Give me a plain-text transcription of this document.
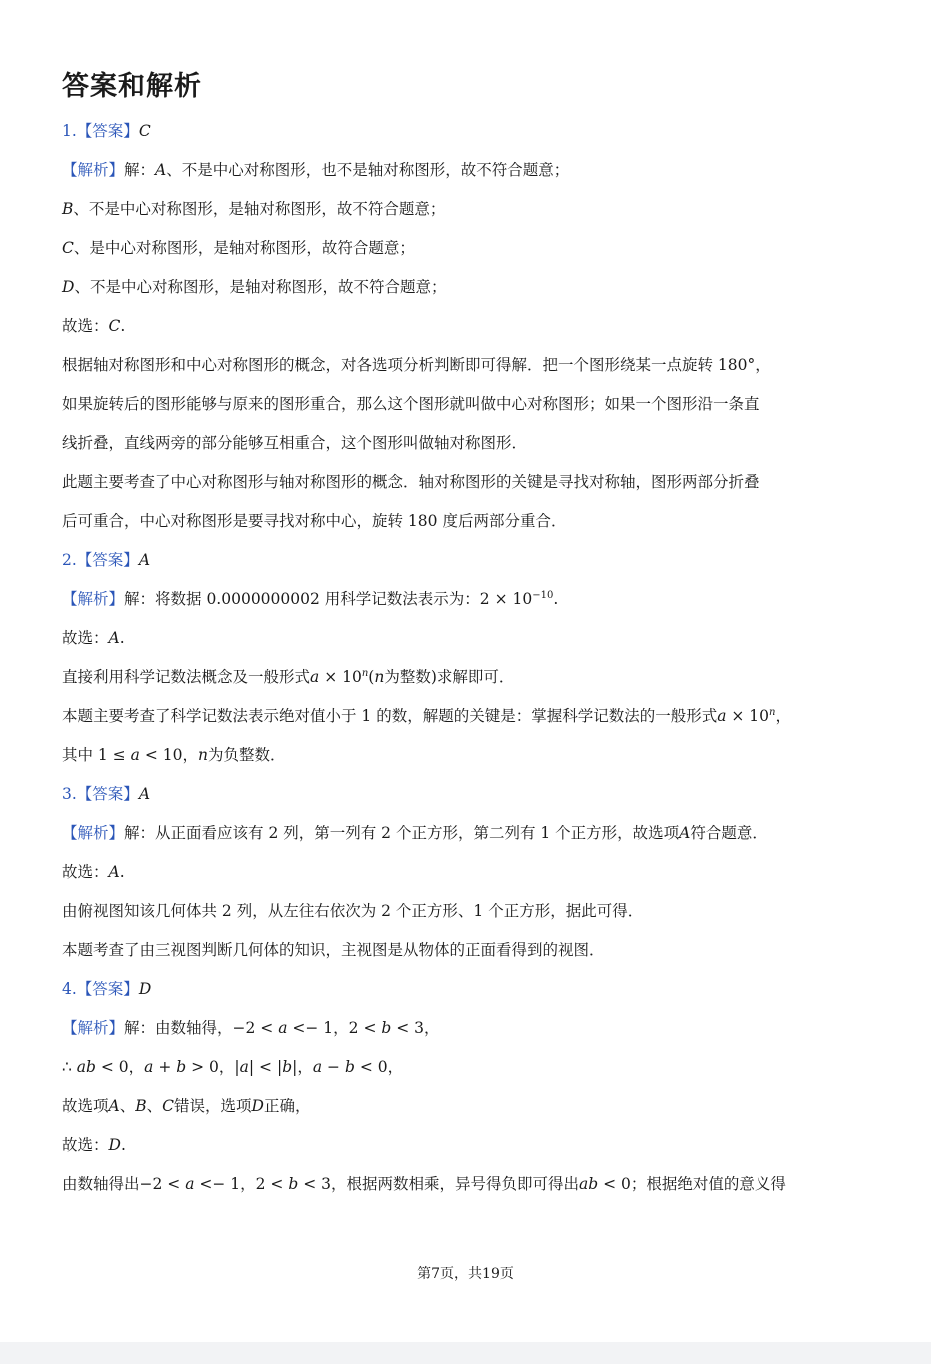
答案和解析
1.【答案】C
【解析】解：A、不是中心对称图形，也不是轴对称图形，故不符合题意；
B、不是中心对称图形，是轴对称图形，故不符合题意；
C、是中心对称图形，是轴对称图形，故符合题意；
D、不是中心对称图形，是轴对称图形，故不符合题意；
故选：C.
根据轴对称图形和中心对称图形的概念，对各选项分析判断即可得解．把一个图形绕某一点旋转 180°，
如果旋转后的图形能够与原来的图形重合，那么这个图形就叫做中心对称图形；如果一个图形沿一条直
线折叠，直线两旁的部分能够互相重合，这个图形叫做轴对称图形．
此题主要考查了中心对称图形与轴对称图形的概念．轴对称图形的关键是寻找对称轴，图形两部分折叠
后可重合，中心对称图形是要寻找对称中心，旋转 180 度后两部分重合．
2.【答案】A
【解析】解：将数据 0.0000000002 用科学记数法表示为：$2 \times 10^{-10}$.
故选：A.
直接利用科学记数法概念及一般形式$a \times 10^n(n$为整数)求解即可．
本题主要考查了科学记数法表示绝对值小于 1 的数，解题的关键是：掌握科学记数法的一般形式$a \times 10^n$，
其中 1 ≤ a < 10，n为负整数．
3.【答案】A
【解析】解：从正面看应该有 2 列，第一列有 2 个正方形，第二列有 1 个正方形，故选项A符合题意．
故选：A.
由俯视图知该几何体共 2 列，从左往右依次为 2 个正方形、1 个正方形，据此可得．
本题考查了由三视图判断几何体的知识，主视图是从物体的正面看得到的视图．
4.【答案】D
【解析】解：由数轴得，−2 < a <− 1，2 < b < 3，
∴ ab < 0，a + b > 0，|a| < |b|，a − b < 0，
故选项A、B、C错误，选项D正确，
故选：D.
由数轴得出−2 < a <− 1，2 < b < 3，根据两数相乘，异号得负即可得出ab < 0；根据绝对值的意义得
第7页，共19页
